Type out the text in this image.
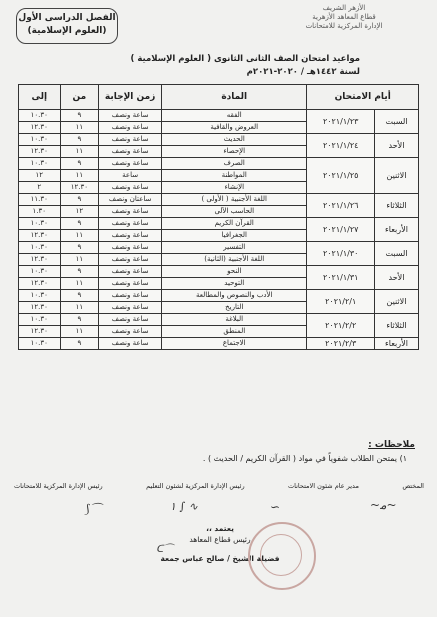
الفصل الدراسى الأول
(العلوم الإسلامية)
الأزهر الشريف
قطاع المعاهد الأزهرية
الإدارة المركزية للامتحانات
مواعيد امتحان الصف الثانى الثانوى ( العلوم الإسلامية )
لسنة ١٤٤٢هـ / ٢٠٢٠-٢٠٢١م
أيام الامتحان		المادة	زمن الإجابة	من	إلى
السبت	٢٠٢١/١/٢٣	الفقه	ساعة ونصف	٩	١٠.٣٠
		العروض والقافية	ساعة ونصف	١١	١٢.٣٠
الأحد	٢٠٢١/١/٢٤	الحديث	ساعة ونصف	٩	١٠.٣٠
		الإحصاء	ساعة ونصف	١١	١٢.٣٠
الاثنين	٢٠٢١/١/٢٥	الصرف	ساعة ونصف	٩	١٠.٣٠
		المواطنة	ساعة	١١	١٢
		الإنشاء	ساعة ونصف	١٢.٣٠	٢
الثلاثاء	٢٠٢١/١/٢٦	اللغة الأجنبية ( الأولى )	ساعتان ونصف	٩	١١.٣٠
		الحاسب الآلى	ساعة ونصف	١٢	١.٣٠
الأربعاء	٢٠٢١/١/٢٧	القرآن الكريم	ساعة ونصف	٩	١٠.٣٠
		الجغرافيا	ساعة ونصف	١١	١٢.٣٠
السبت	٢٠٢١/١/٣٠	التفسير	ساعة ونصف	٩	١٠.٣٠
		اللغة الأجنبية (الثانية)	ساعة ونصف	١١	١٢.٣٠
الأحد	٢٠٢١/١/٣١	النحو	ساعة ونصف	٩	١٠.٣٠
		التوحيد	ساعة ونصف	١١	١٢.٣٠
الاثنين	٢٠٢١/٢/١	الأدب والنصوص والمطالعة	ساعة ونصف	٩	١٠.٣٠
		التاريخ	ساعة ونصف	١١	١٢.٣٠
الثلاثاء	٢٠٢١/٢/٢	البلاغة	ساعة ونصف	٩	١٠.٣٠
		المنطق	ساعة ونصف	١١	١٢.٣٠
الأربعاء	٢٠٢١/٢/٣	الاجتماع	ساعة ونصف	٩	١٠.٣٠
ملاحظات :
١) يمتحن الطلاب شفوياً في مواد ( القرآن الكريم / الحديث ) .
المختص
مدير عام شئون الامتحانات
رئيس الإدارة المركزية لشئون التعليم
رئيس الإدارة المركزية للامتحانات
~ﻣ~
∽
۱ ∫ ∿
⟆⌒
يعتمد ،،
رئيس قطاع المعاهد
فضيلة الشيخ / صالح عباس جمعة
ᑕ⌒
